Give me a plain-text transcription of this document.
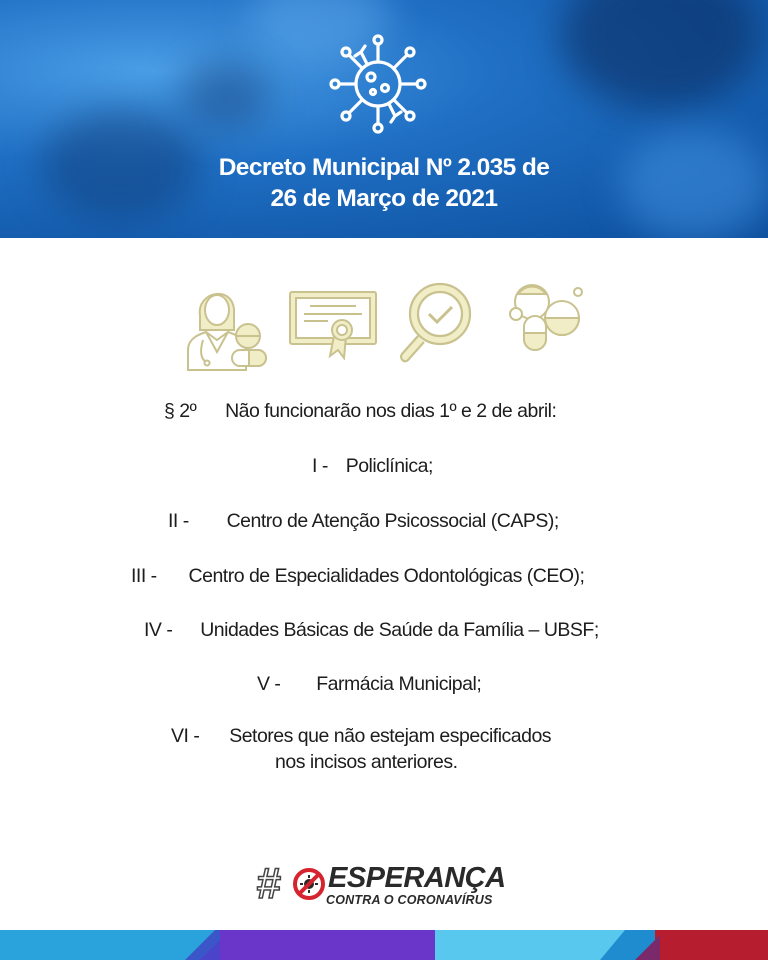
Decreto Municipal Nº 2.035 de
26 de Março de 2021
§ 2º Não funcionarão nos dias 1º e 2 de abril:
I - Policlínica;
II - Centro de Atenção Psicossocial (CAPS);
III - Centro de Especialidades Odontológicas (CEO);
IV - Unidades Básicas de Saúde da Família – UBSF;
V - Farmácia Municipal;
VI - Setores que não estejam especificados
nos incisos anteriores.
# ESPERANÇA
CONTRA O CORONAVÍRUS
